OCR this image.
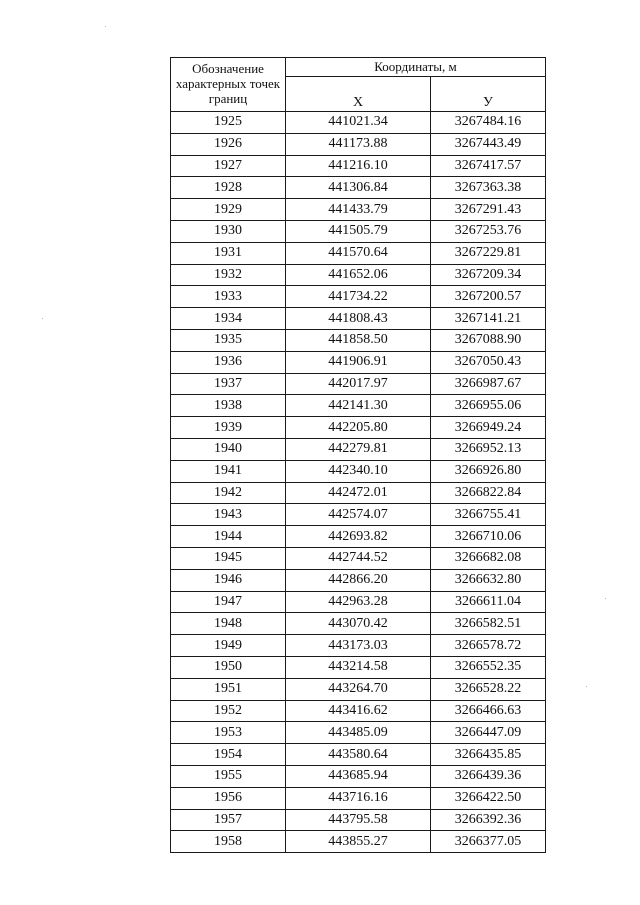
Обозначение характерных точек границ	Координаты, м	
	Х	У
1925	441021.34	3267484.16
1926	441173.88	3267443.49
1927	441216.10	3267417.57
1928	441306.84	3267363.38
1929	441433.79	3267291.43
1930	441505.79	3267253.76
1931	441570.64	3267229.81
1932	441652.06	3267209.34
1933	441734.22	3267200.57
1934	441808.43	3267141.21
1935	441858.50	3267088.90
1936	441906.91	3267050.43
1937	442017.97	3266987.67
1938	442141.30	3266955.06
1939	442205.80	3266949.24
1940	442279.81	3266952.13
1941	442340.10	3266926.80
1942	442472.01	3266822.84
1943	442574.07	3266755.41
1944	442693.82	3266710.06
1945	442744.52	3266682.08
1946	442866.20	3266632.80
1947	442963.28	3266611.04
1948	443070.42	3266582.51
1949	443173.03	3266578.72
1950	443214.58	3266552.35
1951	443264.70	3266528.22
1952	443416.62	3266466.63
1953	443485.09	3266447.09
1954	443580.64	3266435.85
1955	443685.94	3266439.36
1956	443716.16	3266422.50
1957	443795.58	3266392.36
1958	443855.27	3266377.05
